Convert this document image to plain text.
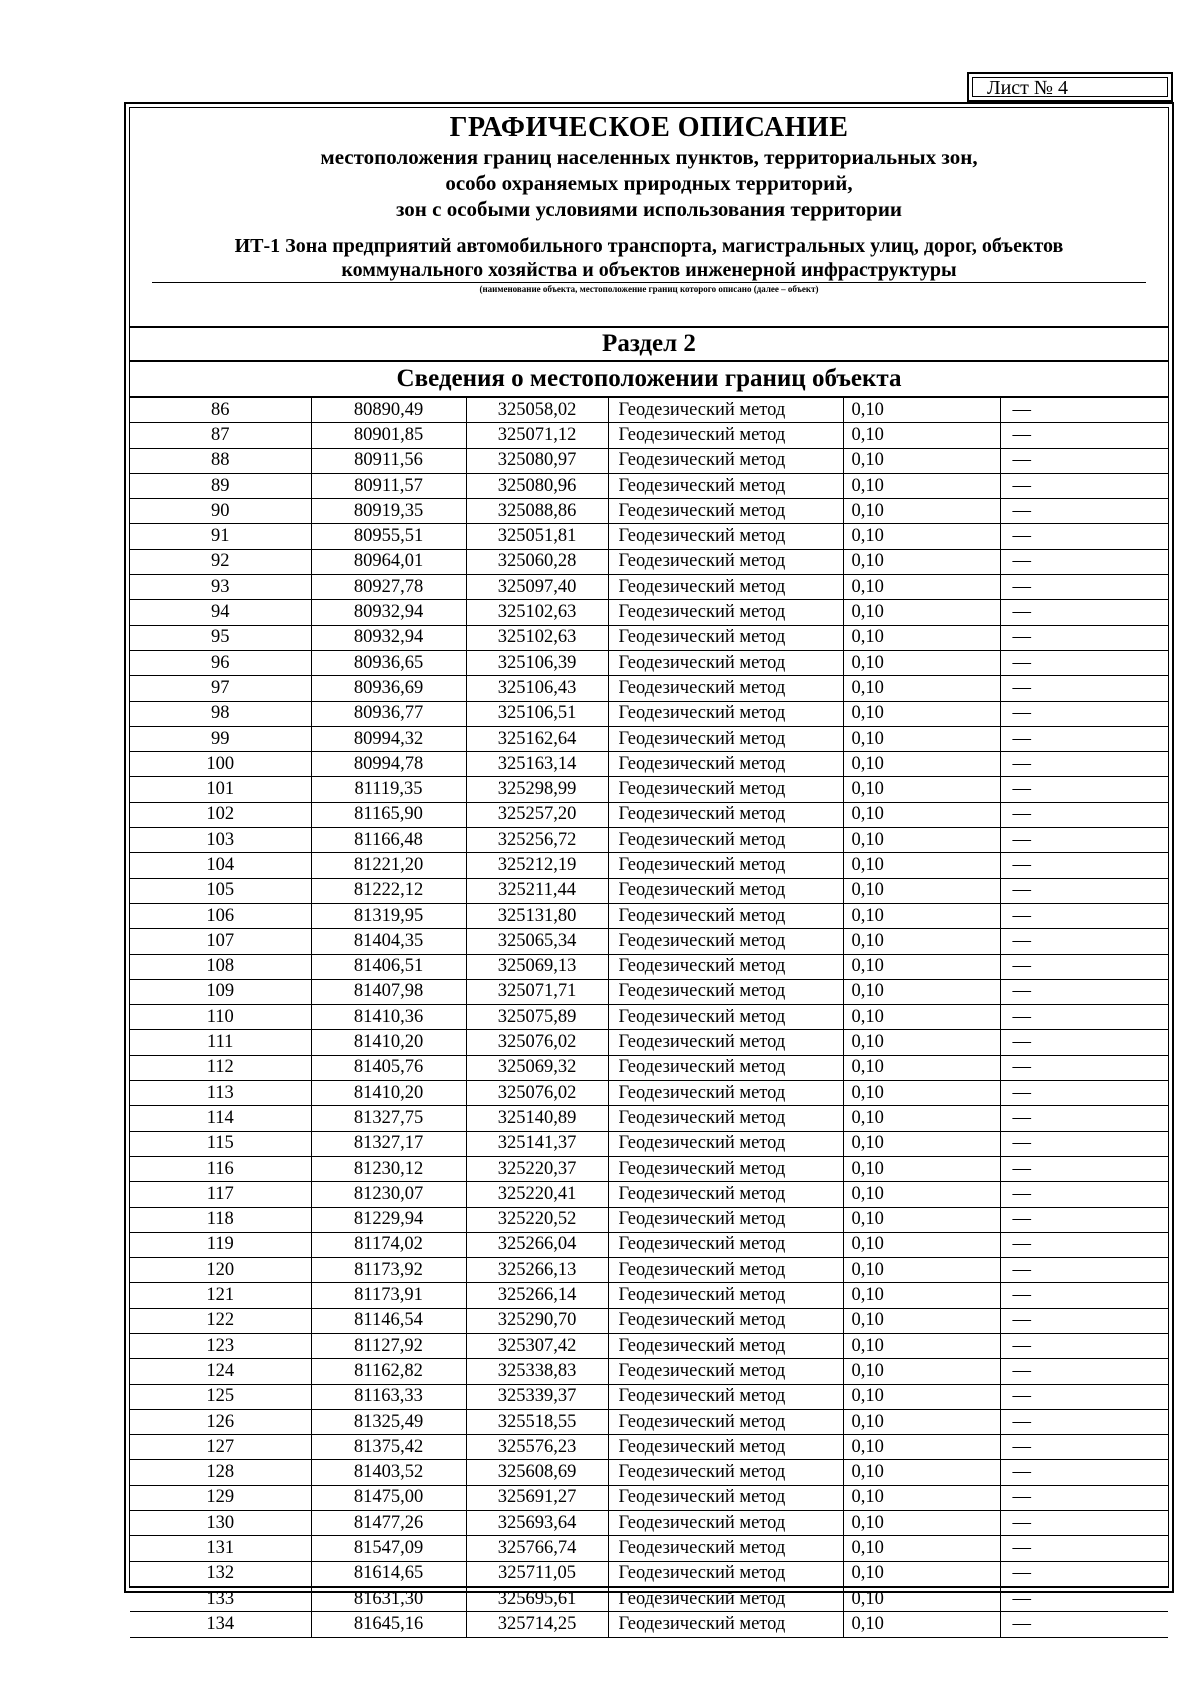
Лист № 4
ГРАФИЧЕСКОЕ ОПИСАНИЕ
местоположения границ населенных пунктов, территориальных зон,
особо охраняемых природных территорий,
зон с особыми условиями использования территории
ИТ-1 Зона предприятий автомобильного транспорта, магистральных улиц, дорог, объектов
коммунального хозяйства и объектов инженерной инфраструктуры
(наименование объекта, местоположение границ которого описано (далее – объект)
Раздел 2
Сведения о местоположении границ объекта
86	80890,49	325058,02	Геодезический метод	0,10	—
87	80901,85	325071,12	Геодезический метод	0,10	—
88	80911,56	325080,97	Геодезический метод	0,10	—
89	80911,57	325080,96	Геодезический метод	0,10	—
90	80919,35	325088,86	Геодезический метод	0,10	—
91	80955,51	325051,81	Геодезический метод	0,10	—
92	80964,01	325060,28	Геодезический метод	0,10	—
93	80927,78	325097,40	Геодезический метод	0,10	—
94	80932,94	325102,63	Геодезический метод	0,10	—
95	80932,94	325102,63	Геодезический метод	0,10	—
96	80936,65	325106,39	Геодезический метод	0,10	—
97	80936,69	325106,43	Геодезический метод	0,10	—
98	80936,77	325106,51	Геодезический метод	0,10	—
99	80994,32	325162,64	Геодезический метод	0,10	—
100	80994,78	325163,14	Геодезический метод	0,10	—
101	81119,35	325298,99	Геодезический метод	0,10	—
102	81165,90	325257,20	Геодезический метод	0,10	—
103	81166,48	325256,72	Геодезический метод	0,10	—
104	81221,20	325212,19	Геодезический метод	0,10	—
105	81222,12	325211,44	Геодезический метод	0,10	—
106	81319,95	325131,80	Геодезический метод	0,10	—
107	81404,35	325065,34	Геодезический метод	0,10	—
108	81406,51	325069,13	Геодезический метод	0,10	—
109	81407,98	325071,71	Геодезический метод	0,10	—
110	81410,36	325075,89	Геодезический метод	0,10	—
111	81410,20	325076,02	Геодезический метод	0,10	—
112	81405,76	325069,32	Геодезический метод	0,10	—
113	81410,20	325076,02	Геодезический метод	0,10	—
114	81327,75	325140,89	Геодезический метод	0,10	—
115	81327,17	325141,37	Геодезический метод	0,10	—
116	81230,12	325220,37	Геодезический метод	0,10	—
117	81230,07	325220,41	Геодезический метод	0,10	—
118	81229,94	325220,52	Геодезический метод	0,10	—
119	81174,02	325266,04	Геодезический метод	0,10	—
120	81173,92	325266,13	Геодезический метод	0,10	—
121	81173,91	325266,14	Геодезический метод	0,10	—
122	81146,54	325290,70	Геодезический метод	0,10	—
123	81127,92	325307,42	Геодезический метод	0,10	—
124	81162,82	325338,83	Геодезический метод	0,10	—
125	81163,33	325339,37	Геодезический метод	0,10	—
126	81325,49	325518,55	Геодезический метод	0,10	—
127	81375,42	325576,23	Геодезический метод	0,10	—
128	81403,52	325608,69	Геодезический метод	0,10	—
129	81475,00	325691,27	Геодезический метод	0,10	—
130	81477,26	325693,64	Геодезический метод	0,10	—
131	81547,09	325766,74	Геодезический метод	0,10	—
132	81614,65	325711,05	Геодезический метод	0,10	—
133	81631,30	325695,61	Геодезический метод	0,10	—
134	81645,16	325714,25	Геодезический метод	0,10	—
